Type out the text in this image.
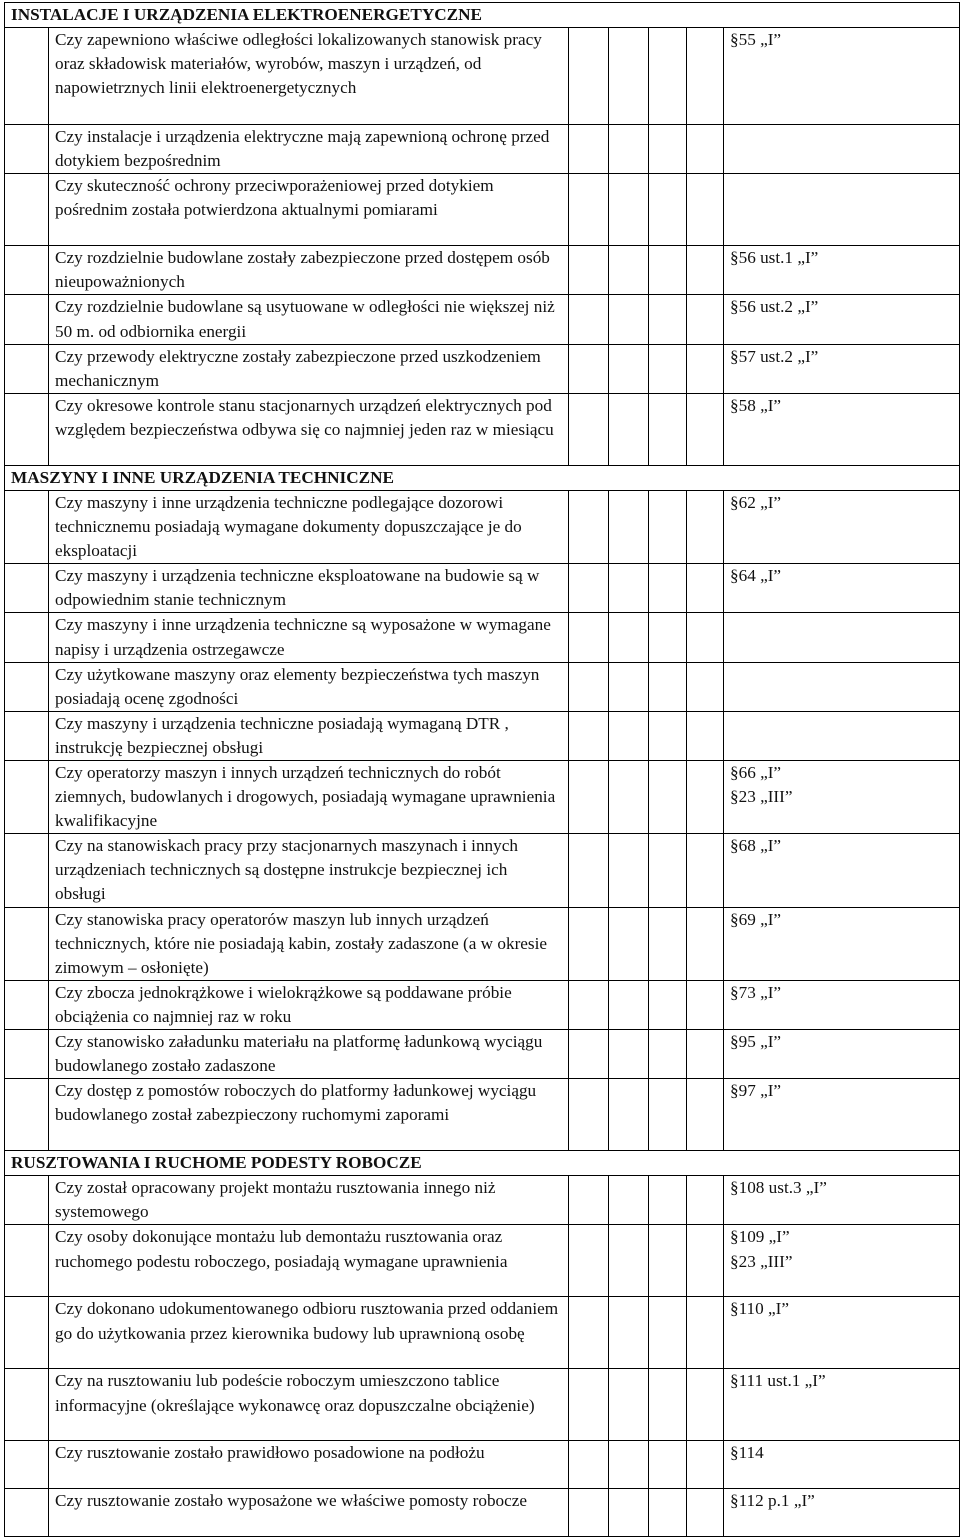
INSTALACJE I URZĄDZENIA ELEKTROENERGETYCZNE						
	Czy zapewniono właściwe odległości lokalizowanych stanowisk pracy oraz składowisk materiałów, wyrobów, maszyn i urządzeń, od napowietrznych linii elektroenergetycznych					§55 „I”
	Czy instalacje i urządzenia elektryczne mają zapewnioną ochronę przed dotykiem bezpośrednim					
	Czy skuteczność ochrony przeciwporażeniowej przed dotykiem pośrednim została potwierdzona aktualnymi pomiarami					
	Czy rozdzielnie budowlane zostały zabezpieczone przed dostępem osób nieupoważnionych					§56 ust.1 „I”
	Czy rozdzielnie budowlane są usytuowane w odległości nie większej niż 50 m. od odbiornika energii					§56 ust.2 „I”
	Czy przewody elektryczne zostały zabezpieczone przed uszkodzeniem mechanicznym					§57 ust.2 „I”
	Czy okresowe kontrole stanu stacjonarnych urządzeń elektrycznych pod względem bezpieczeństwa odbywa się co najmniej jeden raz w miesiącu					§58 „I”
MASZYNY I INNE URZĄDZENIA TECHNICZNE						
	Czy maszyny i inne urządzenia techniczne podlegające dozorowi technicznemu posiadają wymagane dokumenty dopuszczające je do eksploatacji					§62 „I”
	Czy maszyny i urządzenia techniczne eksploatowane na budowie są w odpowiednim stanie technicznym					§64 „I”
	Czy maszyny i inne urządzenia techniczne są wyposażone w wymagane napisy i urządzenia ostrzegawcze					
	Czy użytkowane maszyny oraz elementy bezpieczeństwa tych maszyn posiadają ocenę zgodności					
	Czy maszyny i urządzenia techniczne posiadają wymaganą DTR , instrukcję bezpiecznej obsługi					
	Czy operatorzy maszyn i innych urządzeń technicznych do robót ziemnych, budowlanych i drogowych, posiadają wymagane uprawnienia kwalifikacyjne					§66 „I”
§23 „III”
	Czy na stanowiskach pracy przy stacjonarnych maszynach i innych urządzeniach technicznych są dostępne instrukcje bezpiecznej ich obsługi					§68 „I”
	Czy stanowiska pracy operatorów maszyn lub innych urządzeń technicznych, które nie posiadają kabin, zostały zadaszone (a w okresie zimowym – osłonięte)					§69 „I”
	Czy zbocza jednokrążkowe i wielokrążkowe są poddawane próbie obciążenia co najmniej raz w roku					§73 „I”
	Czy stanowisko załadunku materiału na platformę ładunkową wyciągu budowlanego zostało zadaszone					§95 „I”
	Czy dostęp z pomostów roboczych do platformy ładunkowej wyciągu budowlanego został zabezpieczony ruchomymi zaporami					§97 „I”
RUSZTOWANIA I RUCHOME PODESTY ROBOCZE						
	Czy został opracowany projekt montażu rusztowania innego niż systemowego					§108 ust.3 „I”
	Czy osoby dokonujące montażu lub demontażu rusztowania oraz ruchomego podestu roboczego, posiadają wymagane uprawnienia					§109 „I”
§23 „III”
	Czy dokonano udokumentowanego odbioru rusztowania przed oddaniem go do użytkowania przez kierownika budowy lub uprawnioną osobę					§110 „I”
	Czy na rusztowaniu lub podeście roboczym umieszczono tablice informacyjne (określające wykonawcę oraz dopuszczalne obciążenie)					§111 ust.1 „I”
	Czy rusztowanie zostało prawidłowo posadowione na podłożu					§114
	Czy rusztowanie zostało wyposażone we właściwe pomosty robocze					§112 p.1 „I”
